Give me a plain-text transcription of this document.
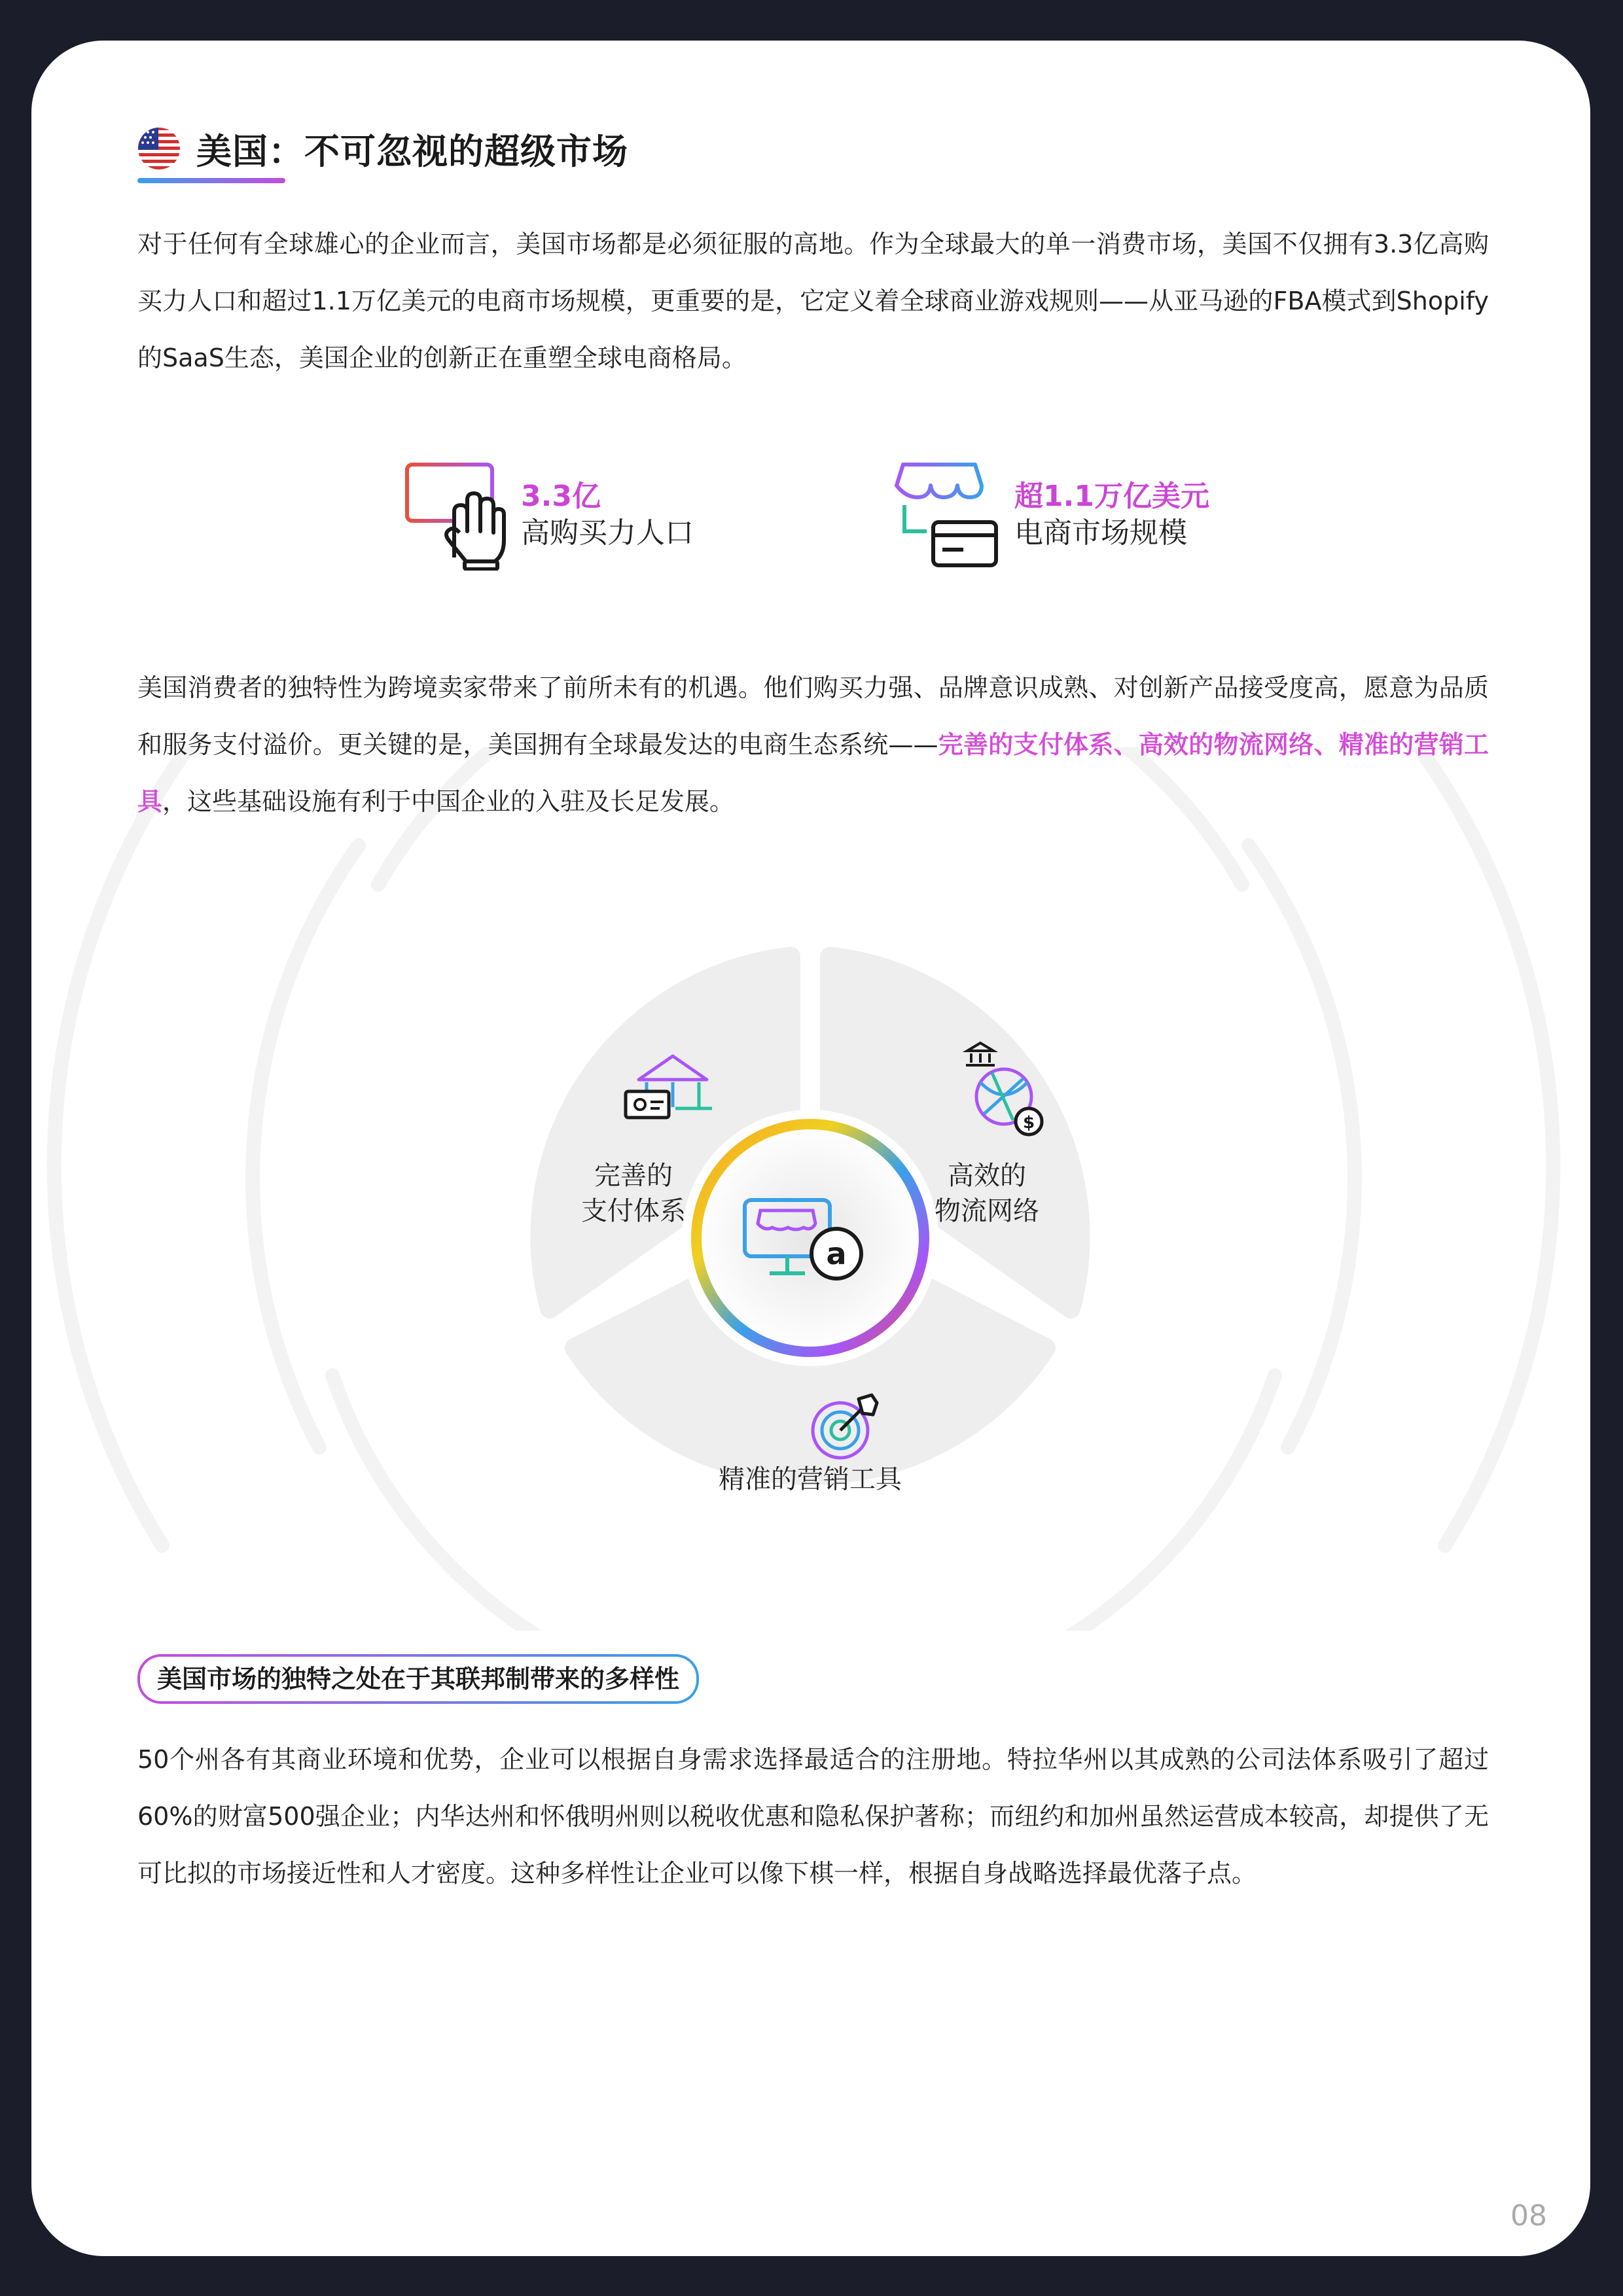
美国：不可忽视的超级市场

对于任何有全球雄心的企业而言，美国市场都是必须征服的高地。作为全球最大的单一消费市场，美国不仅拥有3.3亿高购买力人口和超过1.1万亿美元的电商市场规模，更重要的是，它定义着全球商业游戏规则——从亚马逊的FBA模式到Shopify的SaaS生态，美国企业的创新正在重塑全球电商格局。

3.3亿
高购买力人口
超1.1万亿美元
电商市场规模

美国消费者的独特性为跨境卖家带来了前所未有的机遇。他们购买力强、品牌意识成熟、对创新产品接受度高，愿意为品质和服务支付溢价。更关键的是，美国拥有全球最发达的电商生态系统——完善的支付体系、高效的物流网络、精准的营销工具，这些基础设施有利于中国企业的入驻及长足发展。

a
$
完善的
支付体系
高效的
物流网络
精准的营销工具
美国市场的独特之处在于其联邦制带来的多样性

50个州各有其商业环境和优势，企业可以根据自身需求选择最适合的注册地。特拉华州以其成熟的公司法体系吸引了超过60%的财富500强企业；内华达州和怀俄明州则以税收优惠和隐私保护著称；而纽约和加州虽然运营成本较高，却提供了无可比拟的市场接近性和人才密度。这种多样性让企业可以像下棋一样，根据自身战略选择最优落子点。

08
